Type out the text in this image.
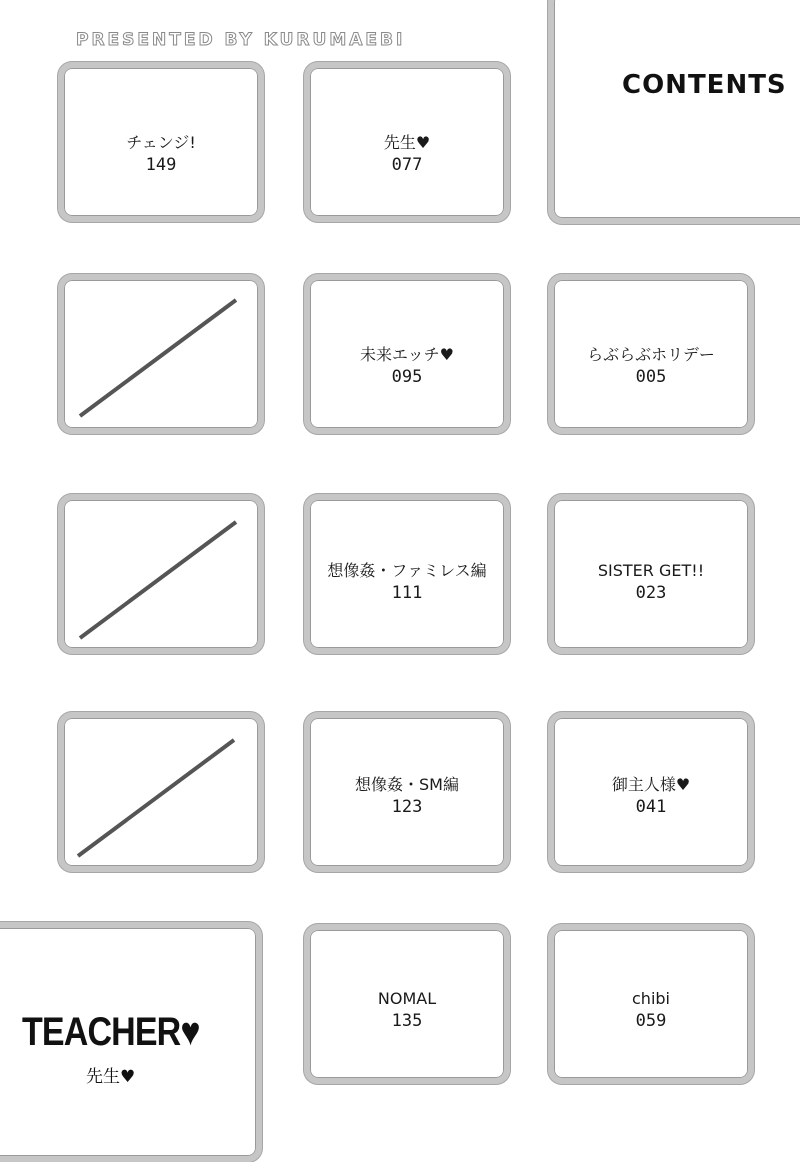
PRESENTED BY KURUMAEBI
CONTENTS
チェンジ!
149
先生♥
077
未来エッチ♥
095
らぶらぶホリデー
005
想像姦・ファミレス編
111
SISTER GET!!
023
想像姦・SM編
123
御主人様♥
041
TEACHER♥
先生♥
NOMAL
135
chibi
059
